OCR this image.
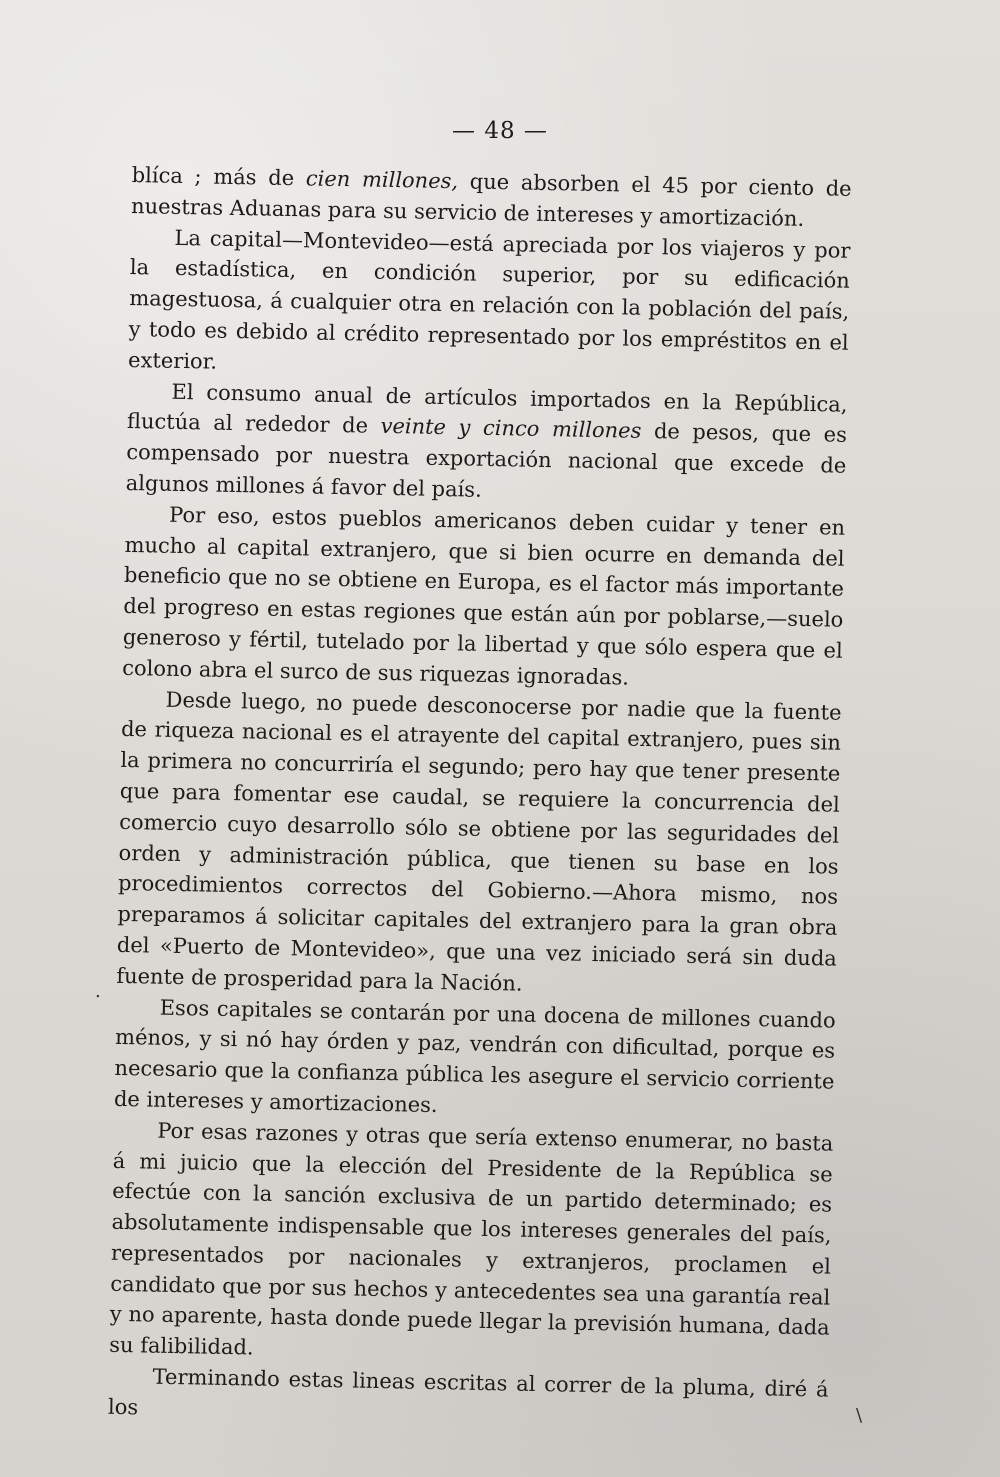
— 48 —

blíca ; más de cien millones, que absorben el 45 por ciento de nuestras Aduanas para su servicio de intereses y amortización.

La capital—Montevideo—está apreciada por los viajeros y por la estadística, en condición superior, por su edificación magestuosa, á cualquier otra en relación con la población del país, y todo es debido al crédito representado por los empréstitos en el exterior.

El consumo anual de artículos importados en la República, fluctúa al rededor de veinte y cinco millones de pesos, que es compensado por nuestra exportación nacional que excede de algunos millones á favor del país.

Por eso, estos pueblos americanos deben cuidar y tener en mucho al capital extranjero, que si bien ocurre en demanda del beneficio que no se obtiene en Europa, es el factor más importante del progreso en estas regiones que están aún por poblarse,—suelo generoso y fértil, tutelado por la libertad y que sólo espera que el colono abra el surco de sus riquezas ignoradas.

Desde luego, no puede desconocerse por nadie que la fuente de riqueza nacional es el atrayente del capital extranjero, pues sin la primera no concurriría el segundo; pero hay que tener presente que para fomentar ese caudal, se requiere la concurrencia del comercio cuyo desarrollo sólo se obtiene por las seguridades del orden y administración pública, que tienen su base en los procedimientos correctos del Gobierno.—Ahora mismo, nos preparamos á solicitar capitales del extranjero para la gran obra del «Puerto de Montevideo», que una vez iniciado será sin duda fuente de prosperidad para la Nación.

Esos capitales se contarán por una docena de millones cuando ménos, y si nó hay órden y paz, vendrán con dificultad, porque es necesario que la confianza pública les asegure el servicio corriente de intereses y amortizaciones.

Por esas razones y otras que sería extenso enumerar, no basta á mi juicio que la elección del Presidente de la República se efectúe con la sanción exclusiva de un partido determinado; es absolutamente indispensable que los intereses generales del país, representados por nacionales y extranjeros, proclamen el candidato que por sus hechos y antecedentes sea una garantía real y no aparente, hasta donde puede llegar la previsión humana, dada su falibilidad.

Terminando estas lineas escritas al correr de la pluma, diré á los

.
\
